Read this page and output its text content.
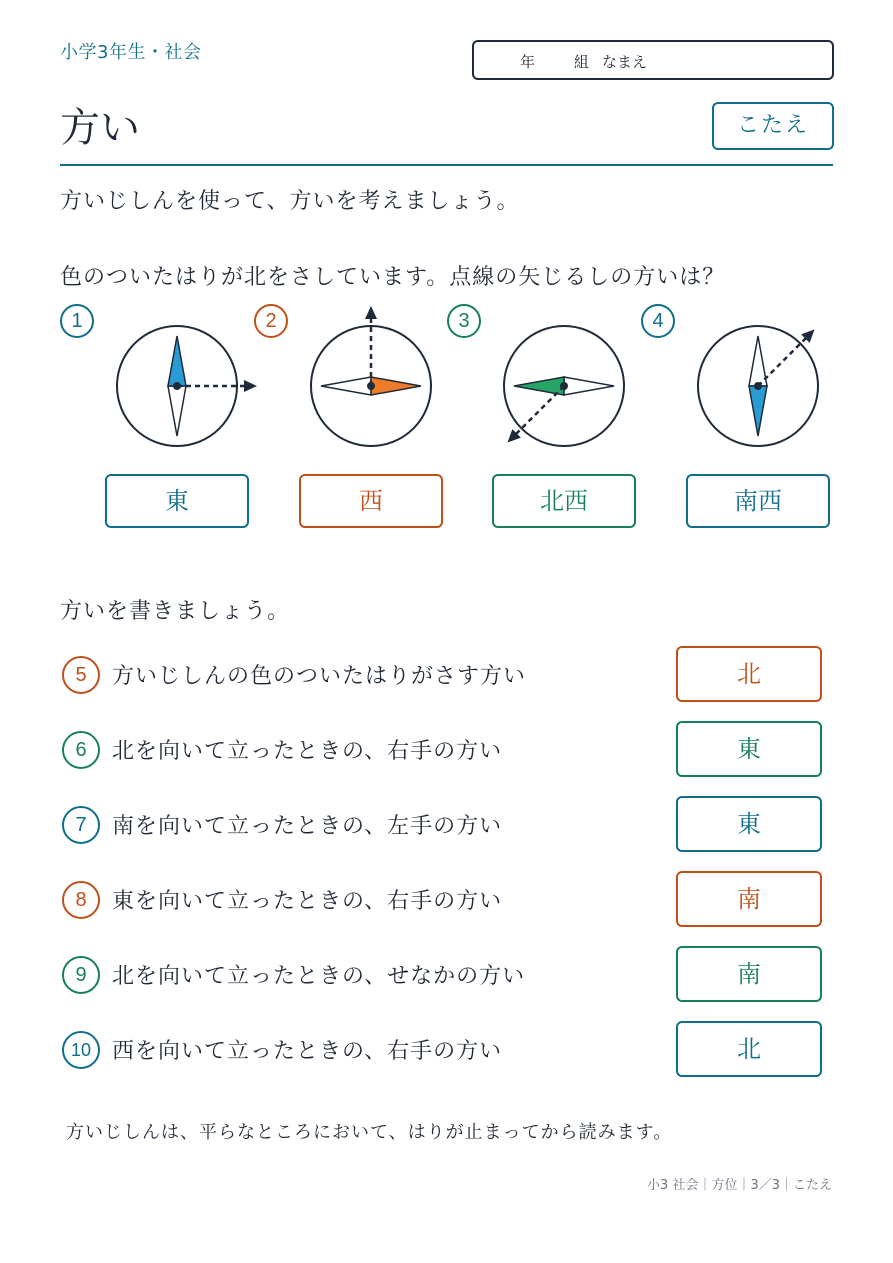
小学3年生・社会	年	組 なまえ
方い	こたえ
方いじしんを使って、方いを考えましょう。
色のついたはりが北をさしています。点線の矢じるしの方いは？
1
東
2
西
3
北西
4
南西
方いを書きましょう。
5	方いじしんの色のついたはりがさす方い	北
6	北を向いて立ったときの、右手の方い	東
7	南を向いて立ったときの、左手の方い	東
8	東を向いて立ったときの、右手の方い	南
9	北を向いて立ったときの、せなかの方い	南
10 西を向いて立ったときの、右手の方い	北
方いじしんは、平らなところにおいて、はりが止まってから読みます。
小3 社会｜方位｜3／3｜こたえ
